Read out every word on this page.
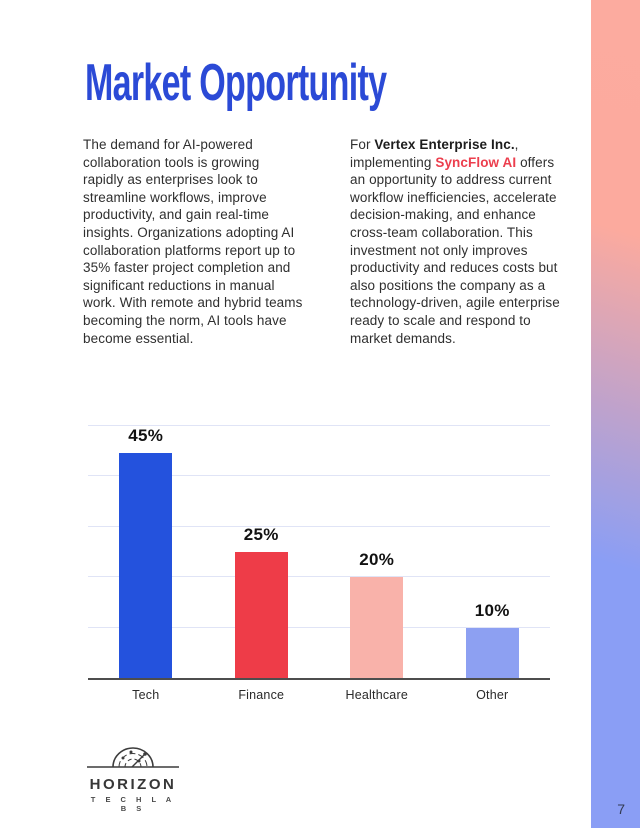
Market Opportunity

The demand for AI-powered collaboration tools is growing rapidly as enterprises look to streamline workflows, improve productivity, and gain real-time insights. Organizations adopting AI collaboration platforms report up to 35% faster project completion and significant reductions in manual work. With remote and hybrid teams becoming the norm, AI tools have become essential.

For Vertex Enterprise Inc., implementing SyncFlow AI offers an opportunity to address current workflow inefficiencies, accelerate decision-making, and enhance cross-team collaboration. This investment not only improves productivity and reduces costs but also positions the company as a technology-driven, agile enterprise ready to scale and respond to market demands.

45%
25%
20%
10%
Tech	Finance	Healthcare	Other
HORIZON
T E C H L A B S	7
